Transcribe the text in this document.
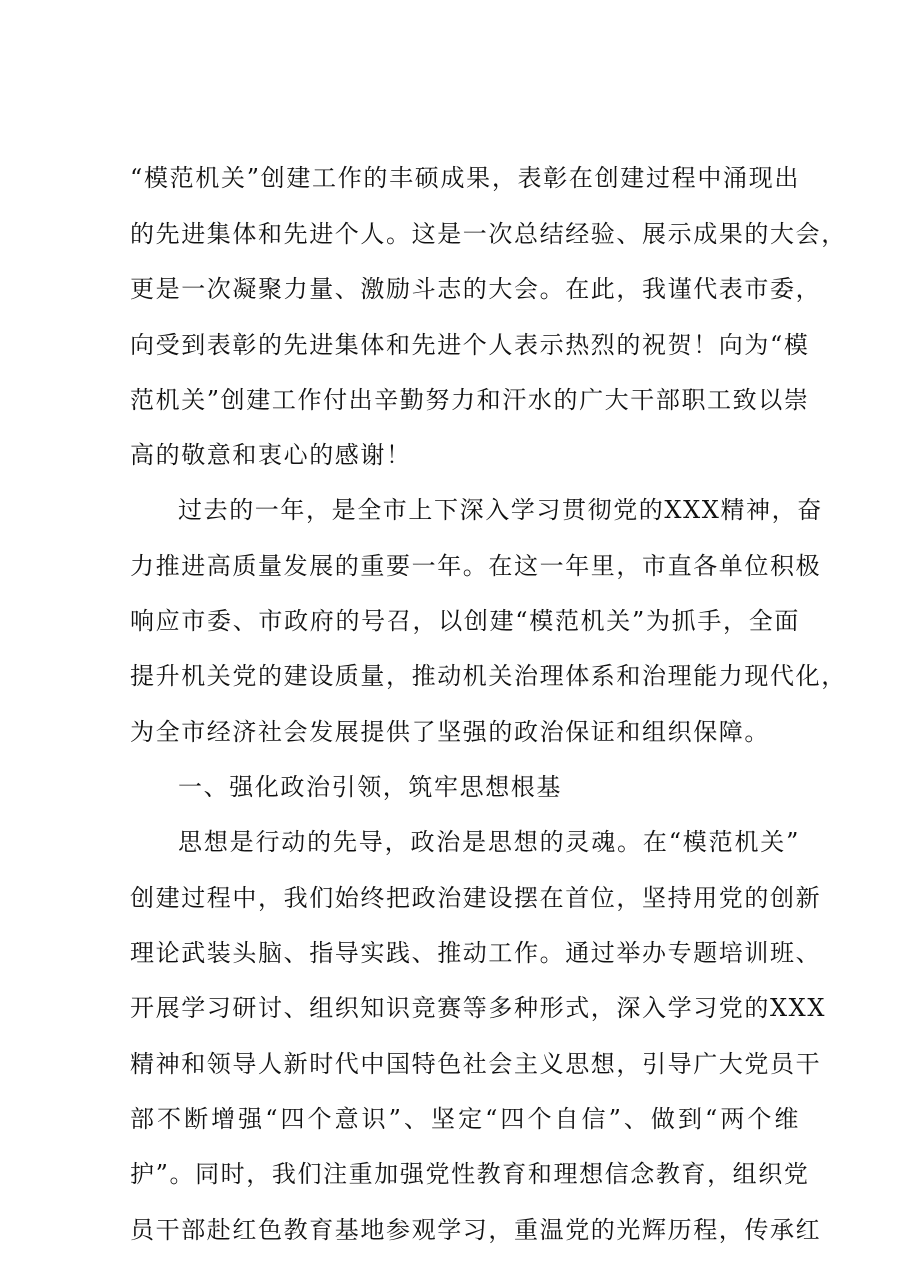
“模范机关”创建工作的丰硕成果，表彰在创建过程中涌现出
的先进集体和先进个人。这是一次总结经验、展示成果的大会，
更是一次凝聚力量、激励斗志的大会。在此，我谨代表市委，
向受到表彰的先进集体和先进个人表示热烈的祝贺！向为“模
范机关”创建工作付出辛勤努力和汗水的广大干部职工致以崇
高的敬意和衷心的感谢！
过去的一年，是全市上下深入学习贯彻党的XXX精神，奋
力推进高质量发展的重要一年。在这一年里，市直各单位积极
响应市委、市政府的号召，以创建“模范机关”为抓手，全面
提升机关党的建设质量，推动机关治理体系和治理能力现代化，
为全市经济社会发展提供了坚强的政治保证和组织保障。
一、强化政治引领，筑牢思想根基
思想是行动的先导，政治是思想的灵魂。在“模范机关”
创建过程中，我们始终把政治建设摆在首位，坚持用党的创新
理论武装头脑、指导实践、推动工作。通过举办专题培训班、
开展学习研讨、组织知识竞赛等多种形式，深入学习党的XXX
精神和领导人新时代中国特色社会主义思想，引导广大党员干
部不断增强“四个意识”、坚定“四个自信”、做到“两个维
护”。同时，我们注重加强党性教育和理想信念教育，组织党
员干部赴红色教育基地参观学习，重温党的光辉历程，传承红
